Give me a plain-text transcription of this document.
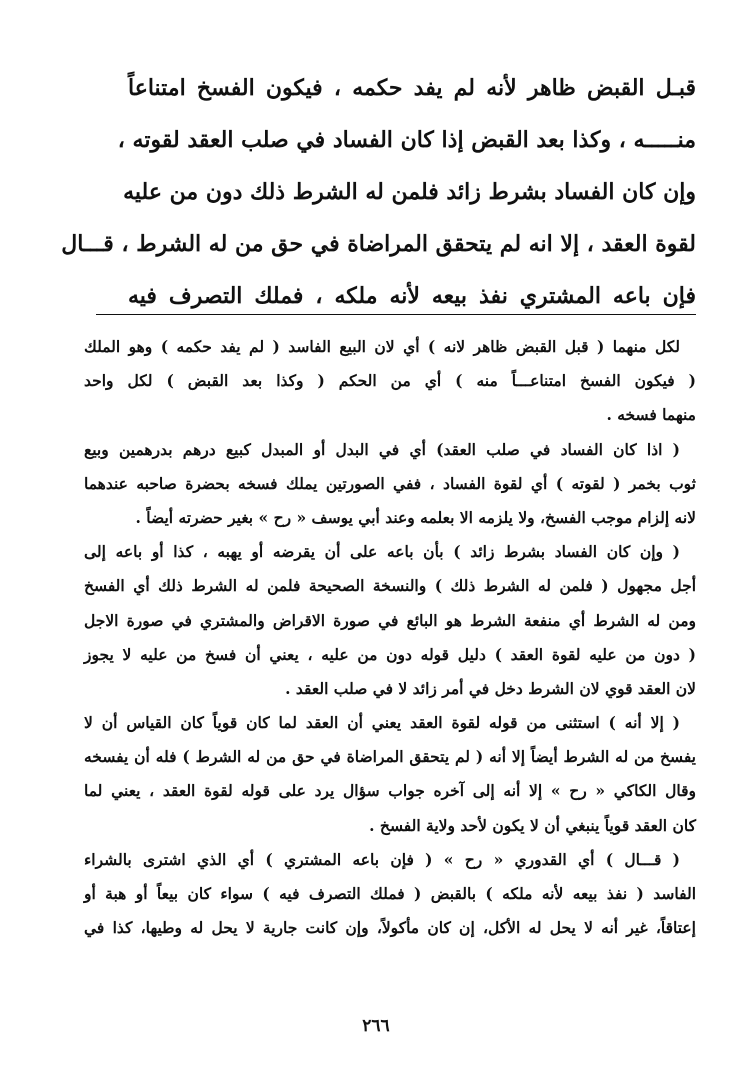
قبـل القبض ظاهر لأنه لم يفد حكمه ، فيكون الفسخ امتناعاً
منـــــه ، وكذا بعد القبض إذا كان الفساد في صلب العقد لقوته ،
وإن كان الفساد بشرط زائد فلمن له الشرط ذلك دون من عليه
لقوة العقد ، إلا انه لم يتحقق المراضاة في حق من له الشرط ، قـــال
فإن باعه المشتري نفذ بيعه لأنه ملكه ، فملك التصرف فيه
لكل منهما ( قبل القبض ظاهر لانه ) أي لان البيع الفاسد ( لم يفد حكمه ) وهو الملك
( فيكون الفسخ امتناعـــاً منه ) أي من الحكم ( وكذا بعد القبض ) لكل واحد
منهما فسخه .
( اذا كان الفساد في صلب العقد) أي في البدل أو المبدل كبيع درهم بدرهمين وبيع
ثوب بخمر ( لقوته ) أي لقوة الفساد ، ففي الصورتين يملك فسخه بحضرة صاحبه عندهما
لانه إلزام موجب الفسخ، ولا يلزمه الا بعلمه وعند أبي يوسف « رح » بغير حضرته أيضاً .
( وإن كان الفساد بشرط زائد ) بأن باعه على أن يقرضه أو يهبه ، كذا أو باعه إلى
أجل مجهول ( فلمن له الشرط ذلك ) والنسخة الصحيحة فلمن له الشرط ذلك أي الفسخ
ومن له الشرط أي منفعة الشرط هو البائع في صورة الاقراض والمشتري في صورة الاجل
( دون من عليه لقوة العقد ) دليل قوله دون من عليه ، يعني أن فسخ من عليه لا يجوز
لان العقد قوي لان الشرط دخل في أمر زائد لا في صلب العقد .
( إلا أنه ) استثنى من قوله لقوة العقد يعني أن العقد لما كان قوياً كان القياس أن لا
يفسخ من له الشرط أيضاً إلا أنه ( لم يتحقق المراضاة في حق من له الشرط ) فله أن يفسخه
وقال الكاكي « رح » إلا أنه إلى آخره جواب سؤال يرد على قوله لقوة العقد ، يعني لما
كان العقد قوياً ينبغي أن لا يكون لأحد ولاية الفسخ .
( قـــال ) أي القدوري « رح » ( فإن باعه المشتري ) أي الذي اشترى بالشراء
الفاسد ( نفذ بيعه لأنه ملكه ) بالقبض ( فملك التصرف فيه ) سواء كان بيعاً أو هبة أو
إعتاقاً، غير أنه لا يحل له الأكل، إن كان مأكولاً، وإن كانت جارية لا يحل له وطيها، كذا في
٢٦٦
